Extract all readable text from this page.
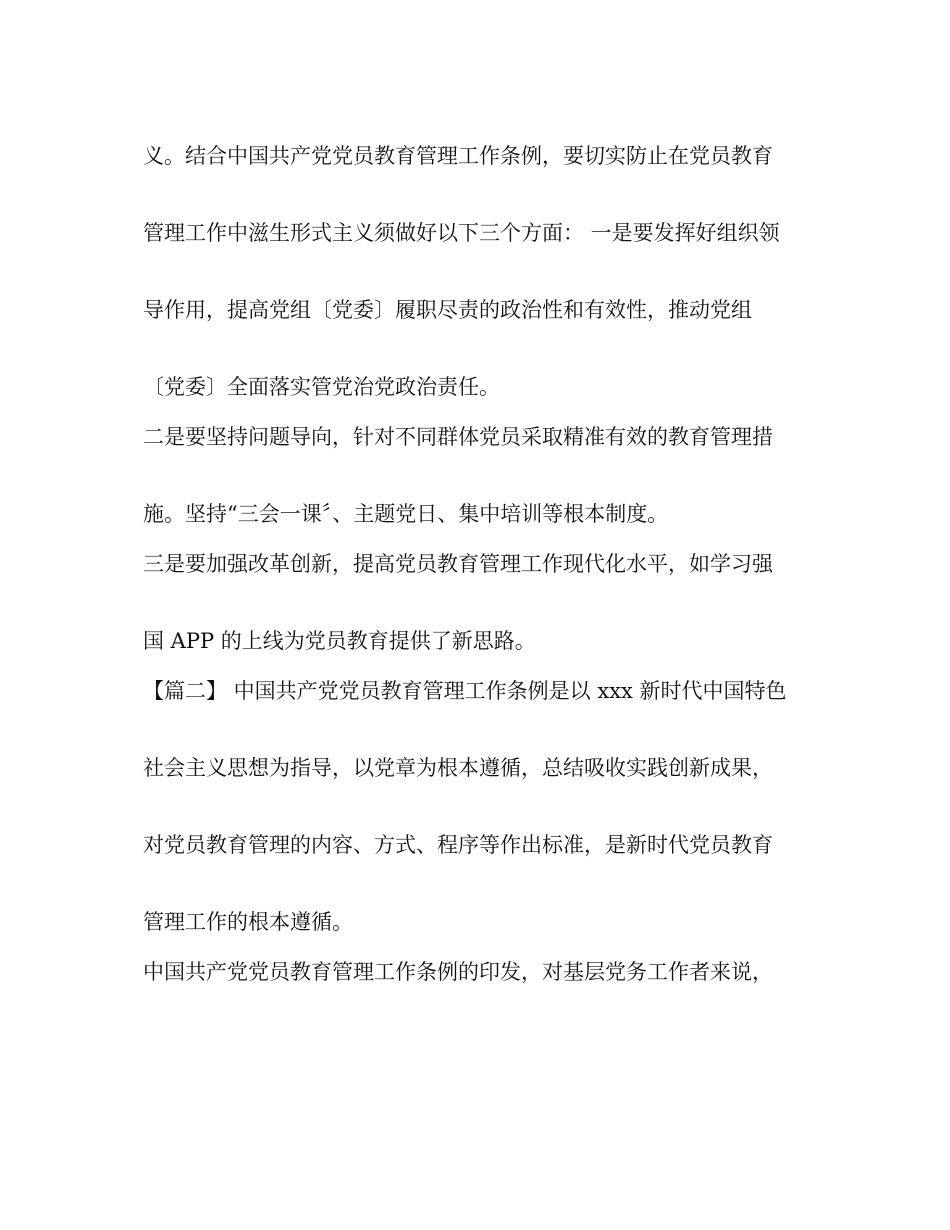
义。结合中国共产党党员教育管理工作条例，要切实防止在党员教育

管理工作中滋生形式主义须做好以下三个方面： 一是要发挥好组织领

导作用，提高党组〔党委〕履职尽责的政治性和有效性，推动党组

〔党委〕全面落实管党治党政治责任。

二是要坚持问题导向，针对不同群体党员采取精准有效的教育管理措

施。坚持“三会一课〞、主题党日、集中培训等根本制度。

三是要加强改革创新，提高党员教育管理工作现代化水平，如学习强

国 APP 的上线为党员教育提供了新思路。

【篇二】 中国共产党党员教育管理工作条例是以 xxx 新时代中国特色

社会主义思想为指导，以党章为根本遵循，总结吸收实践创新成果，

对党员教育管理的内容、方式、程序等作出标准，是新时代党员教育

管理工作的根本遵循。

中国共产党党员教育管理工作条例的印发，对基层党务工作者来说，
